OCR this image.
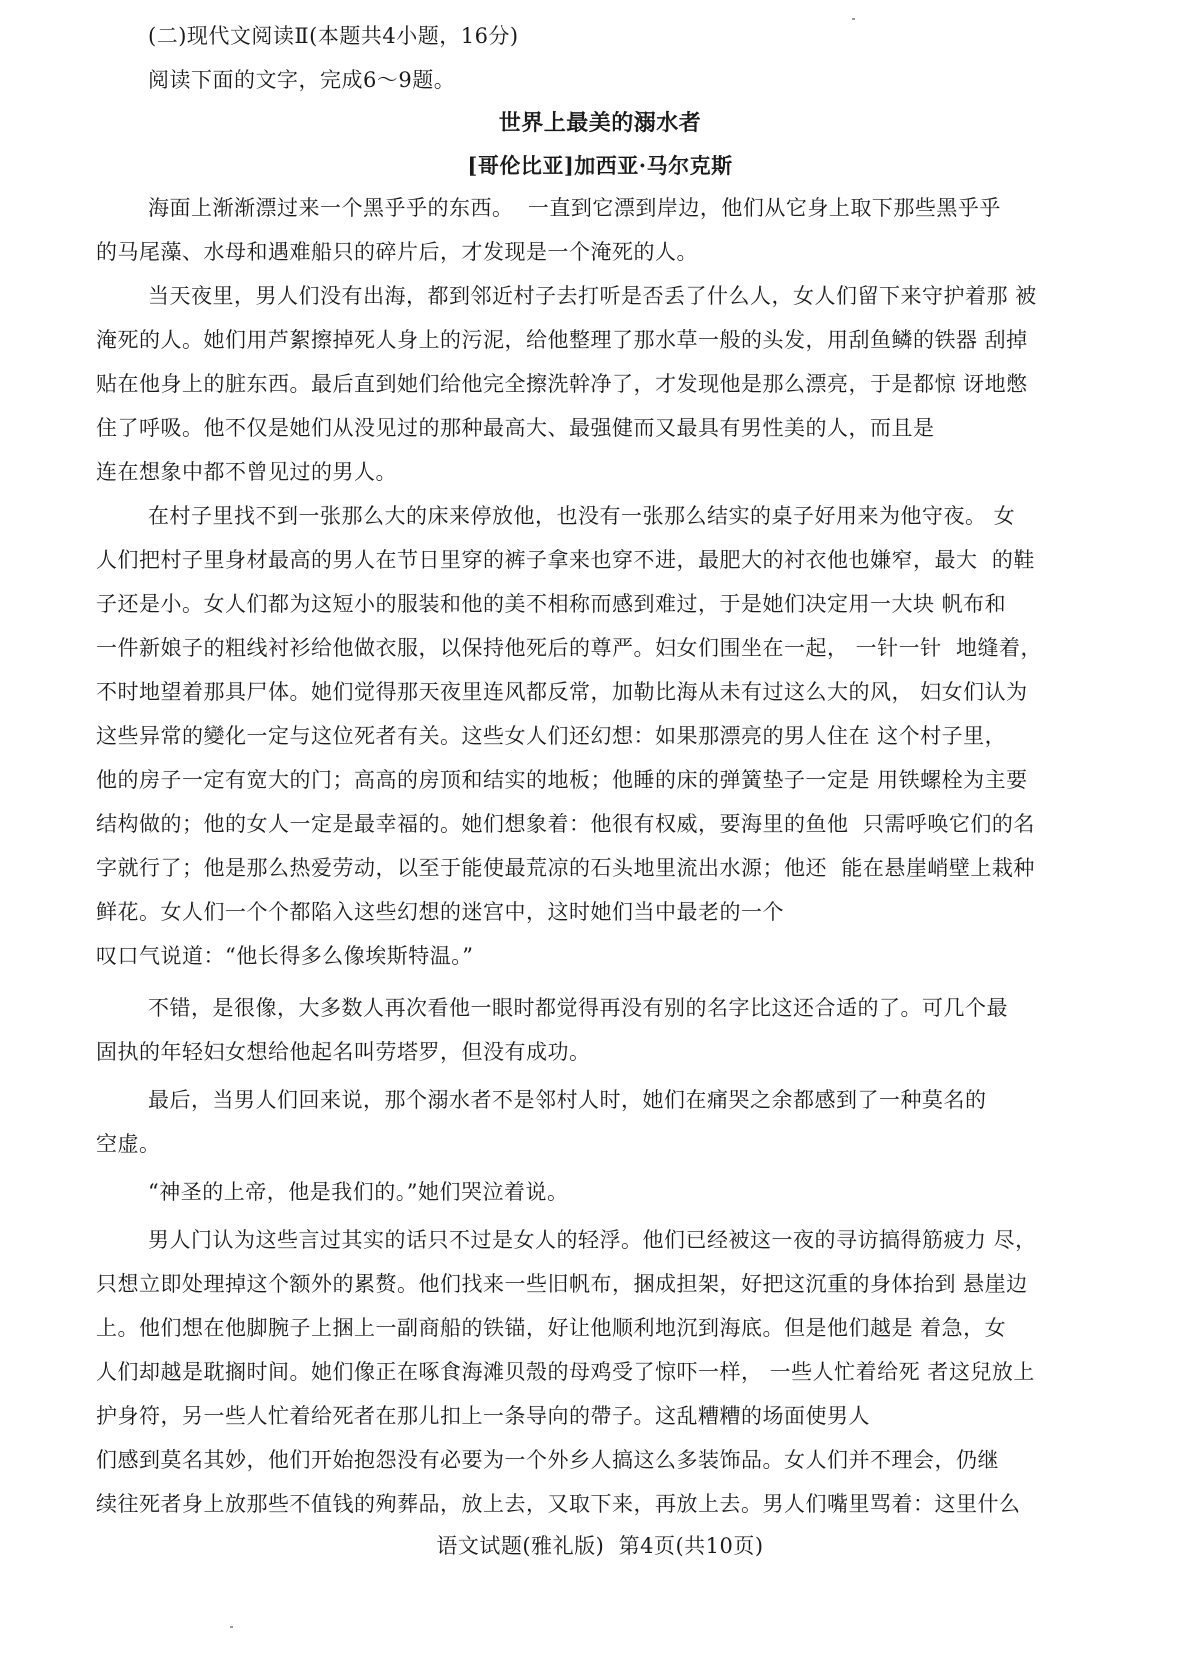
(二)现代文阅读Ⅱ(本题共4小题，16分)
阅读下面的文字，完成6～9题。
世界上最美的溺水者
[哥伦比亚]加西亚·马尔克斯
海面上渐渐漂过来一个黑乎乎的东西。  一直到它漂到岸边，他们从它身上取下那些黑乎乎
的马尾藻、水母和遇难船只的碎片后，才发现是一个淹死的人。
当天夜里，男人们没有出海，都到邻近村子去打听是否丢了什么人，女人们留下来守护着那 被
淹死的人。她们用芦絮擦掉死人身上的污泥，给他整理了那水草一般的头发，用刮鱼鳞的铁器 刮掉
贴在他身上的脏东西。最后直到她们给他完全擦洗幹净了，才发现他是那么漂亮，于是都惊 讶地憋
住了呼吸。他不仅是她们从没见过的那种最高大、最强健而又最具有男性美的人，而且是
连在想象中都不曾见过的男人。
在村子里找不到一张那么大的床来停放他，也没有一张那么结实的桌子好用来为他守夜。 女
人们把村子里身材最高的男人在节日里穿的裤子拿来也穿不进，最肥大的衬衣他也嫌窄，最大  的鞋
子还是小。女人们都为这短小的服装和他的美不相称而感到难过，于是她们决定用一大块 帆布和
一件新娘子的粗线衬衫给他做衣服，以保持他死后的尊严。妇女们围坐在一起， 一针一针  地缝着，
不时地望着那具尸体。她们觉得那天夜里连风都反常，加勒比海从未有过这么大的风， 妇女们认为
这些异常的變化一定与这位死者有关。这些女人们还幻想：如果那漂亮的男人住在 这个村子里，
他的房子一定有宽大的门；高高的房顶和结实的地板；他睡的床的弹簧垫子一定是 用铁螺栓为主要
结构做的；他的女人一定是最幸福的。她们想象着：他很有权威，要海里的鱼他  只需呼唤它们的名
字就行了；他是那么热爱劳动，以至于能使最荒凉的石头地里流出水源；他还  能在悬崖峭壁上栽种
鲜花。女人们一个个都陷入这些幻想的迷宫中，这时她们当中最老的一个
叹口气说道：“他长得多么像埃斯特温。”
不错，是很像，大多数人再次看他一眼时都觉得再没有别的名字比这还合适的了。可几个最
固执的年轻妇女想给他起名叫劳塔罗，但没有成功。
最后，当男人们回来说，那个溺水者不是邻村人时，她们在痛哭之余都感到了一种莫名的
空虚。
“神圣的上帝，他是我们的。”她们哭泣着说。
男人门认为这些言过其实的话只不过是女人的轻浮。他们已经被这一夜的寻访搞得筋疲力 尽，
只想立即处理掉这个额外的累赘。他们找来一些旧帆布，捆成担架，好把这沉重的身体抬到 悬崖边
上。他们想在他脚腕子上捆上一副商船的铁锚，好让他顺利地沉到海底。但是他们越是 着急，女
人们却越是耽搁时间。她们像正在啄食海滩贝殼的母鸡受了惊吓一样， 一些人忙着给死 者这兒放上
护身符，另一些人忙着给死者在那儿扣上一条导向的帶子。这乱糟糟的场面使男人
们感到莫名其妙，他们开始抱怨没有必要为一个外乡人搞这么多装饰品。女人们并不理会，仍继
续往死者身上放那些不值钱的殉葬品，放上去，又取下来，再放上去。男人们嘴里骂着：这里什么
语文试题(雅礼版)  第4页(共10页)
